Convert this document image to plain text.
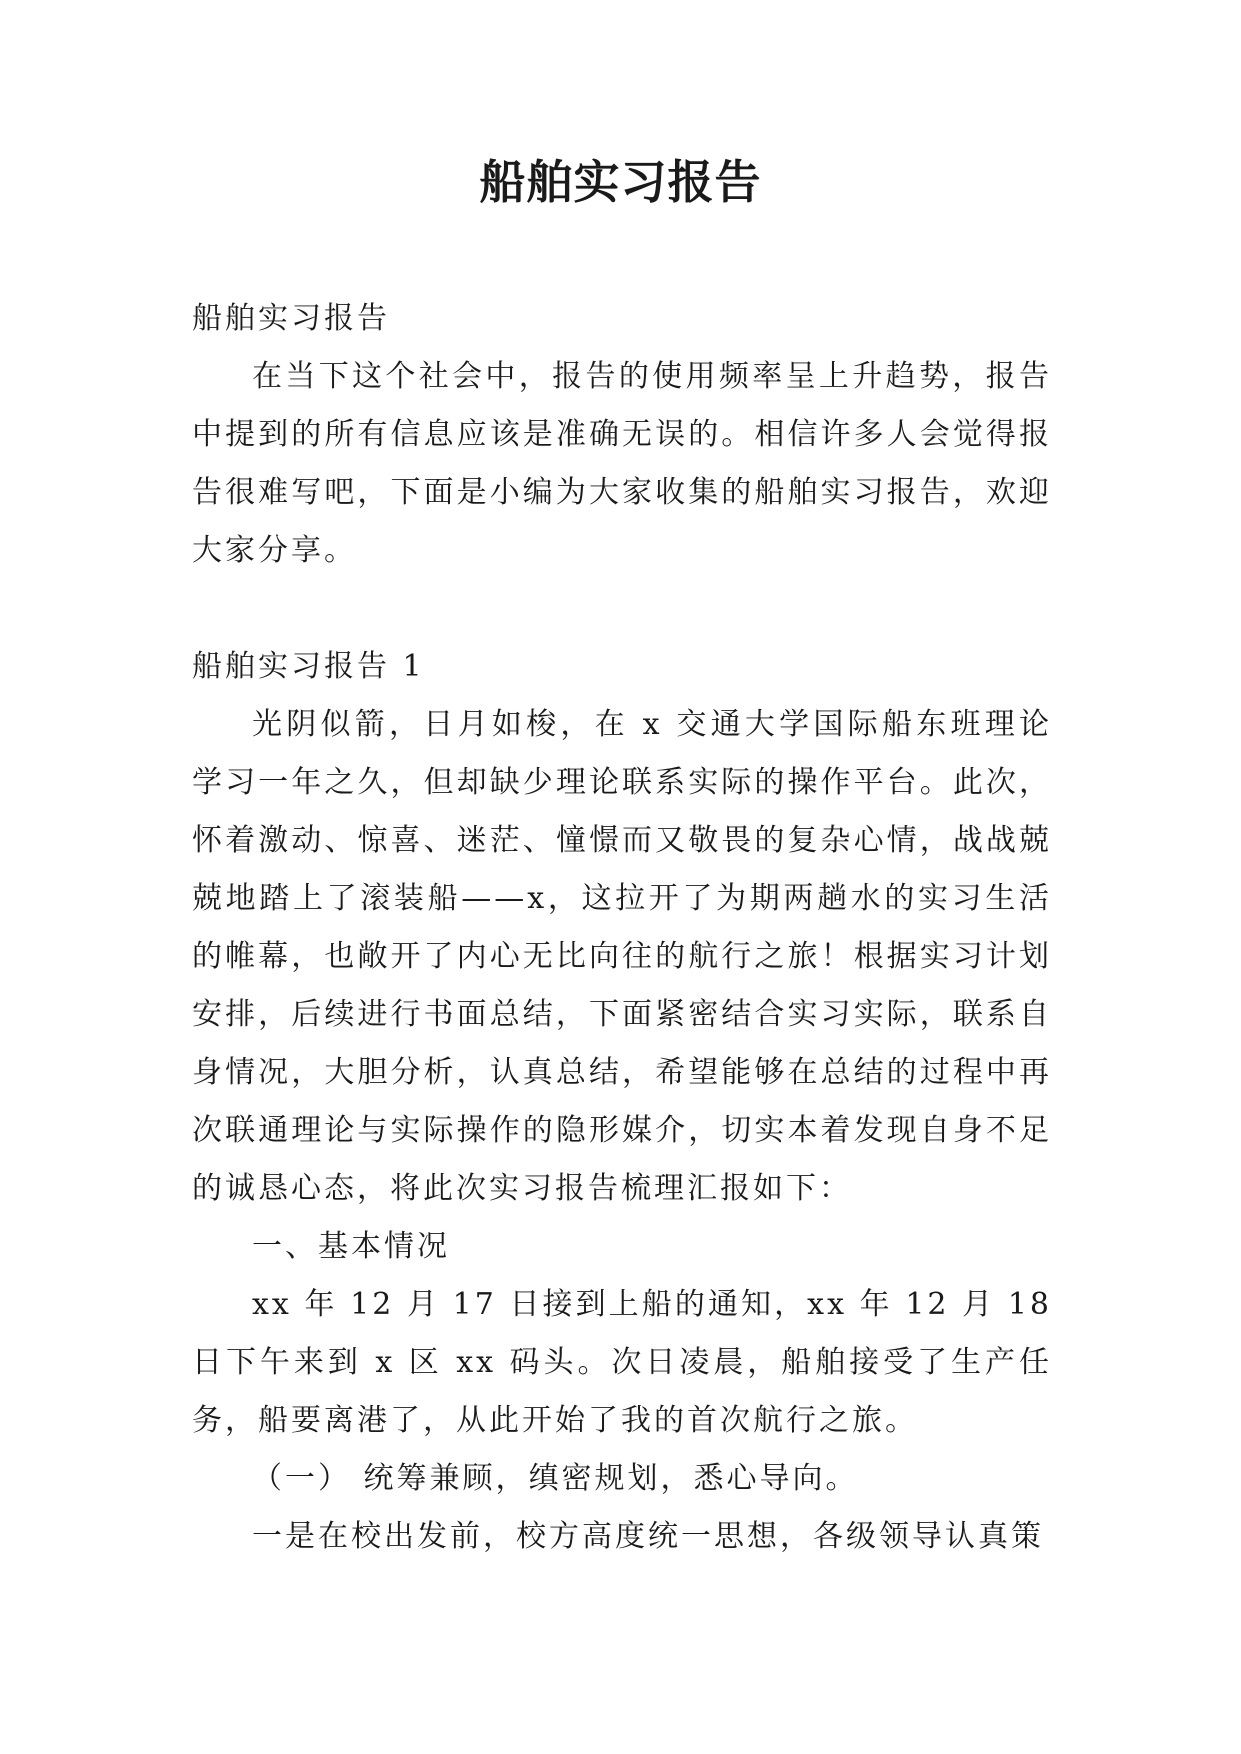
船舶实习报告

船舶实习报告

在当下这个社会中，报告的使用频率呈上升趋势，报告中提到的所有信息应该是准确无误的。相信许多人会觉得报告很难写吧，下面是小编为大家收集的船舶实习报告，欢迎大家分享。

船舶实习报告 1

光阴似箭，日月如梭，在 x 交通大学国际船东班理论学习一年之久，但却缺少理论联系实际的操作平台。此次，怀着激动、惊喜、迷茫、憧憬而又敬畏的复杂心情，战战兢兢地踏上了滚装船——x，这拉开了为期两趟水的实习生活的帷幕，也敞开了内心无比向往的航行之旅！根据实习计划安排，后续进行书面总结，下面紧密结合实习实际，联系自身情况，大胆分析，认真总结，希望能够在总结的过程中再次联通理论与实际操作的隐形媒介，切实本着发现自身不足的诚恳心态，将此次实习报告梳理汇报如下：

一、基本情况

xx 年 12 月 17 日接到上船的通知，xx 年 12 月 18 日下午来到 x 区 xx 码头。次日凌晨，船舶接受了生产任务，船要离港了，从此开始了我的首次航行之旅。

（一） 统筹兼顾，缜密规划，悉心导向。

一是在校出发前，校方高度统一思想，各级领导认真策
